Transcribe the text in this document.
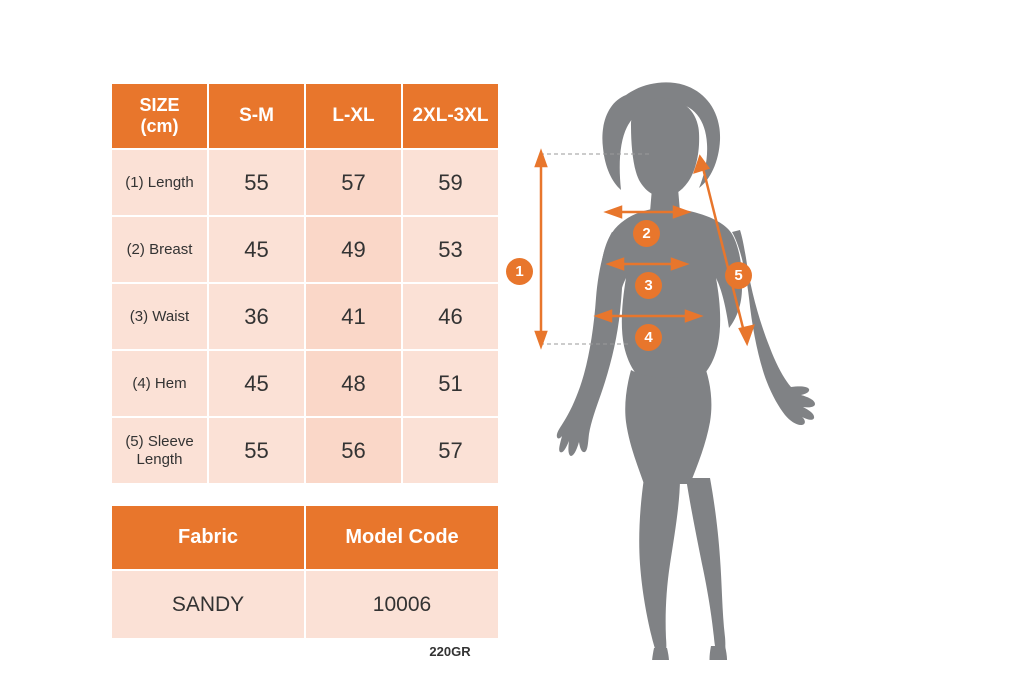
SIZE
(cm)	S-M	L-XL	2XL-3XL
(1) Length	55	57	59
(2) Breast	45	49	53
(3) Waist	36	41	46
(4) Hem	45	48	51

(5) Sleeve
Length	55	56	57
Fabric	Model Code
SANDY	10006
220GR
1
2
3
4
5
